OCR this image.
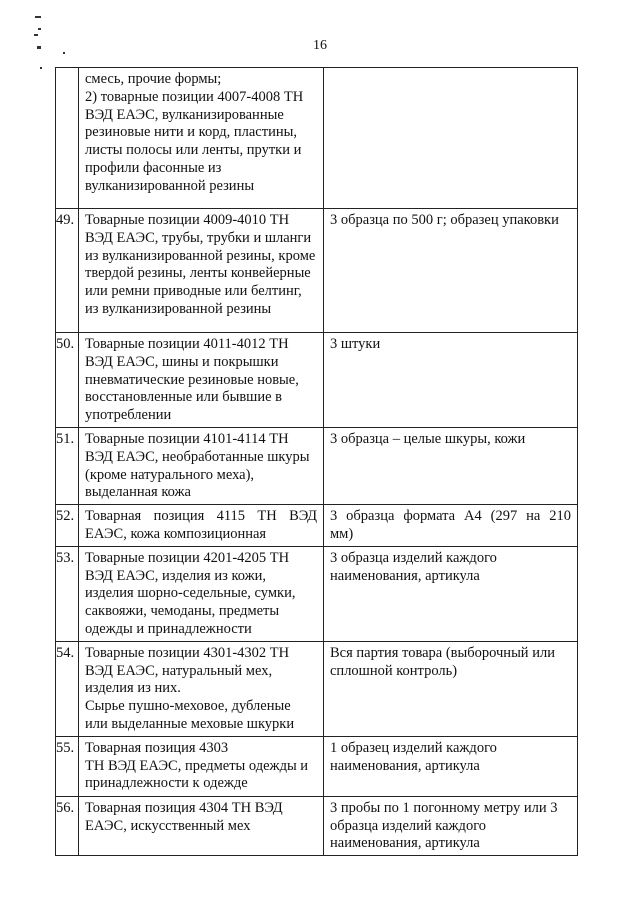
16
	смесь, прочие формы;
2) товарные позиции 4007-4008 ТН ВЭД ЕАЭС, вулканизированные резиновые нити и корд, пластины, листы полосы или ленты, прутки и профили фасонные из вулканизированной резины	
49.	Товарные позиции 4009-4010 ТН ВЭД ЕАЭС, трубы, трубки и шланги из вулканизированной резины, кроме твердой резины, ленты конвейерные или ремни приводные или белтинг, из вулканизированной резины	3 образца по 500 г; образец упаковки
50.	Товарные позиции 4011-4012 ТН ВЭД ЕАЭС, шины и покрышки пневматические резиновые новые, восстановленные или бывшие в употреблении	3 штуки
51.	Товарные позиции 4101-4114 ТН ВЭД ЕАЭС, необработанные шкуры (кроме натурального меха), выделанная кожа	3 образца – целые шкуры, кожи
52.	Товарная позиция 4115 ТН ВЭД
ЕАЭС, кожа композиционная	3 образца формата А4 (297 на 210
мм)
53.	Товарные позиции 4201-4205 ТН ВЭД ЕАЭС, изделия из кожи, изделия шорно-седельные, сумки, саквояжи, чемоданы, предметы одежды и принадлежности	3 образца изделий каждого наименования, артикула
54.	Товарные позиции 4301-4302 ТН ВЭД ЕАЭС, натуральный мех, изделия из них.
Сырье пушно-меховое, дубленые или выделанные меховые шкурки	Вся партия товара (выборочный или сплошной контроль)
55.	Товарная позиция 4303
ТН ВЭД ЕАЭС, предметы одежды и принадлежности к одежде	1 образец изделий каждого наименования, артикула
56.	Товарная позиция 4304 ТН ВЭД ЕАЭС, искусственный мех	3 пробы по 1 погонному метру или 3 образца изделий каждого наименования, артикула
